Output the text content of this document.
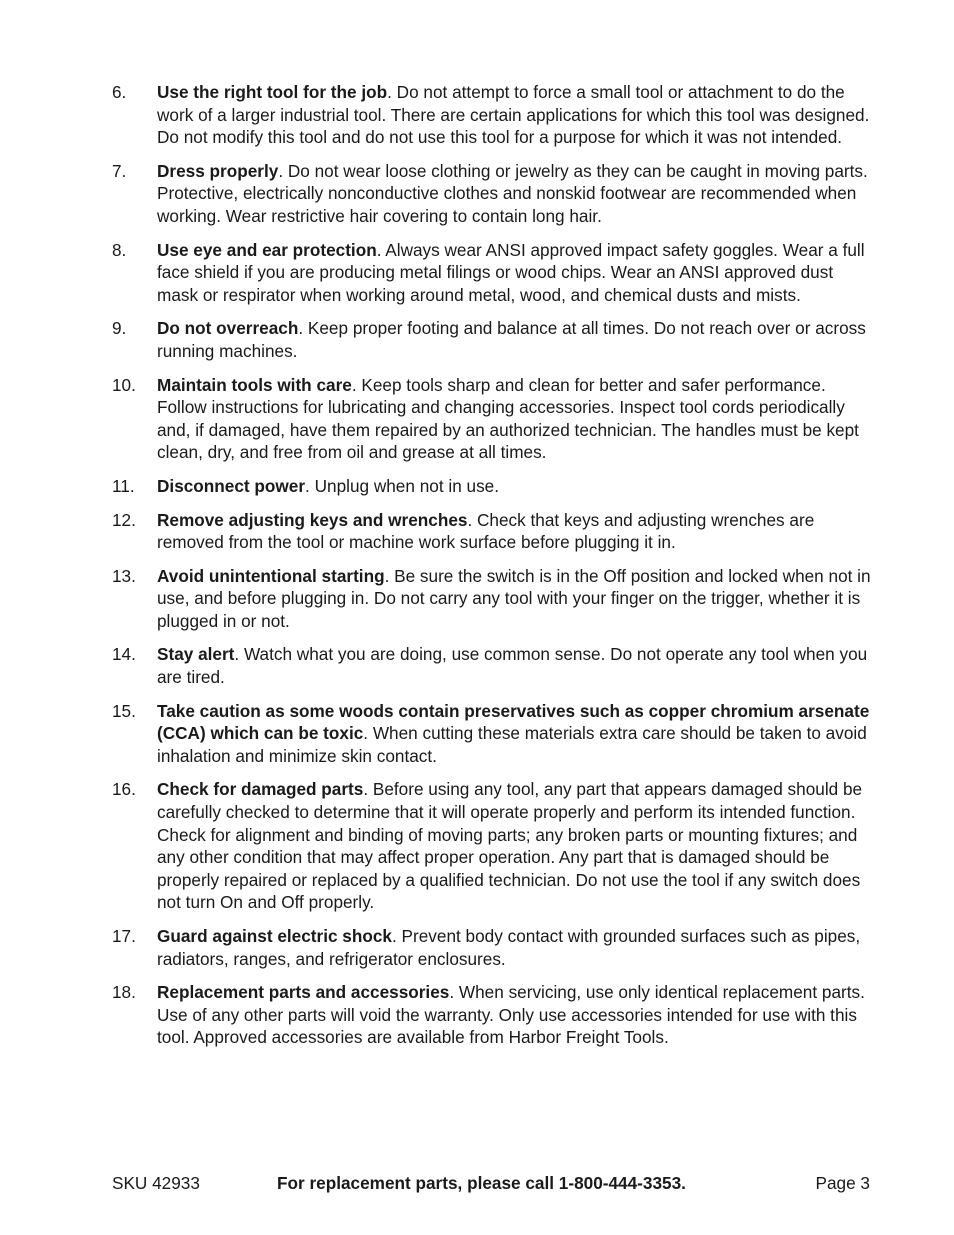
6. Use the right tool for the job. Do not attempt to force a small tool or attachment to do the work of a larger industrial tool. There are certain applications for which this tool was designed. Do not modify this tool and do not use this tool for a purpose for which it was not intended.
7. Dress properly. Do not wear loose clothing or jewelry as they can be caught in moving parts. Protective, electrically nonconductive clothes and nonskid footwear are recommended when working. Wear restrictive hair covering to contain long hair.
8. Use eye and ear protection. Always wear ANSI approved impact safety goggles. Wear a full face shield if you are producing metal filings or wood chips. Wear an ANSI approved dust mask or respirator when working around metal, wood, and chemical dusts and mists.
9. Do not overreach. Keep proper footing and balance at all times. Do not reach over or across running machines.
10. Maintain tools with care. Keep tools sharp and clean for better and safer performance. Follow instructions for lubricating and changing accessories. Inspect tool cords periodically and, if damaged, have them repaired by an authorized technician. The handles must be kept clean, dry, and free from oil and grease at all times.
11. Disconnect power. Unplug when not in use.
12. Remove adjusting keys and wrenches. Check that keys and adjusting wrenches are removed from the tool or machine work surface before plugging it in.
13. Avoid unintentional starting. Be sure the switch is in the Off position and locked when not in use, and before plugging in. Do not carry any tool with your finger on the trigger, whether it is plugged in or not.
14. Stay alert. Watch what you are doing, use common sense. Do not operate any tool when you are tired.
15. Take caution as some woods contain preservatives such as copper chromium arsenate (CCA) which can be toxic. When cutting these materials extra care should be taken to avoid inhalation and minimize skin contact.
16. Check for damaged parts. Before using any tool, any part that appears damaged should be carefully checked to determine that it will operate properly and perform its intended function. Check for alignment and binding of moving parts; any broken parts or mounting fixtures; and any other condition that may affect proper operation. Any part that is damaged should be properly repaired or replaced by a qualified technician. Do not use the tool if any switch does not turn On and Off properly.
17. Guard against electric shock. Prevent body contact with grounded surfaces such as pipes, radiators, ranges, and refrigerator enclosures.
18. Replacement parts and accessories. When servicing, use only identical replacement parts. Use of any other parts will void the warranty. Only use accessories intended for use with this tool. Approved accessories are available from Harbor Freight Tools.
SKU 42933	For replacement parts, please call 1-800-444-3353.	Page 3
